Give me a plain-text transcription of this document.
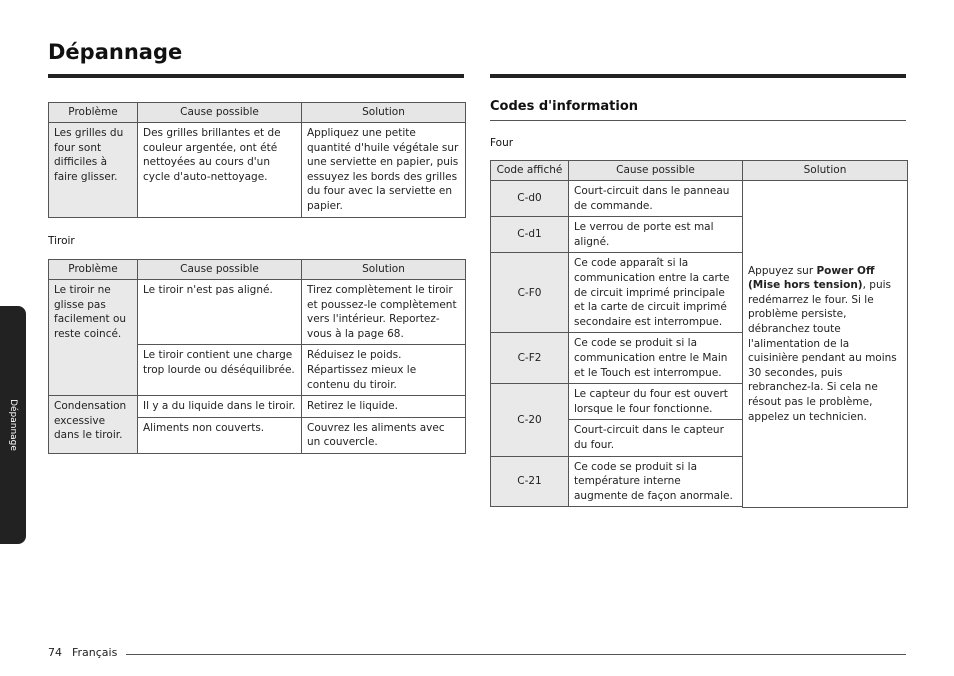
Dépannage
Dépannage
Problème	Cause possible	Solution
Les grilles du four sont difficiles à faire glisser.	Des grilles brillantes et de couleur argentée, ont été nettoyées au cours d'un cycle d'auto-nettoyage.	Appliquez une petite quantité d'huile végétale sur une serviette en papier, puis essuyez les bords des grilles du four avec la serviette en papier.
Tiroir
Problème	Cause possible	Solution
Le tiroir ne glisse pas facilement ou reste coincé.	Le tiroir n'est pas aligné.	Tirez complètement le tiroir et poussez-le complètement vers l'intérieur. Reportez-vous à la page 68.
	Le tiroir contient une charge trop lourde ou déséquilibrée.	Réduisez le poids. Répartissez mieux le contenu du tiroir.
Condensation excessive dans le tiroir.	Il y a du liquide dans le tiroir.	Retirez le liquide.
	Aliments non couverts.	Couvrez les aliments avec un couvercle.
Codes d'information
Four
Code affiché	Cause possible	Solution
C-d0	Court-circuit dans le panneau de commande.	Appuyez sur Power Off (Mise hors tension), puis redémarrez le four. Si le problème persiste, débranchez toute l'alimentation de la cuisinière pendant au moins 30 secondes, puis rebranchez-la. Si cela ne résout pas le problème, appelez un technicien.
C-d1	Le verrou de porte est mal aligné.	
C-F0	Ce code apparaît si la communication entre la carte de circuit imprimé principale et la carte de circuit imprimé secondaire est interrompue.	
C-F2	Ce code se produit si la communication entre le Main et le Touch est interrompue.	
C-20	Le capteur du four est ouvert lorsque le four fonctionne.	
	Court-circuit dans le capteur du four.	
C-21	Ce code se produit si la température interne augmente de façon anormale.	

74 Français
